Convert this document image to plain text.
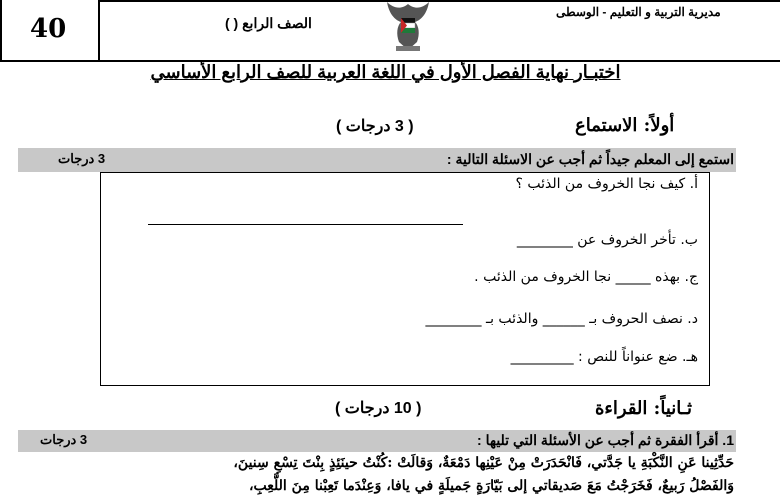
40	الصف الرابع ( )
مديرية التربية و التعليم - الوسطى
اختبـار نهاية الفصل الأول في اللغة العربية للصف الرابع الأساسي
أولاً: الاستماع
( 3 درجات )
استمع إلى المعلم جيداً ثم أجب عن الاسئلة التالية :
3 درجات
أ. كيف نجا الخروف من الذئب ؟
ب. تأخر الخروف عن ________
ج. بهذه _____ نجا الخروف من الذئب .
د. نصف الحروف بـ ______ والذئب بـ ________
هـ. ضع عنواناً للنص : _________
ثـانياً: القراءة
( 10 درجات )
1. أقرأ الفقرة ثم أجب عن الأسئلة التي تليها :
3 درجات
حَدِّثِينا عَنِ النَّكْبَةِ يا جَدَّتي، فَانْحَدَرَتْ مِنْ عَيْنِها دَمْعَةٌ، وَقالَتْ :كُنْتُ حينَئِذٍ بِنْتَ تِسْعِ سِنينَ،
وَالفَصْلُ رَبيعٌ، فَخَرَجْتُ مَعَ صَديقاتي إلى بَيّارَةٍ جَميلَةٍ في يافا، وَعِنْدَما تَعِبْنا مِنَ اللَّعِبِ،
